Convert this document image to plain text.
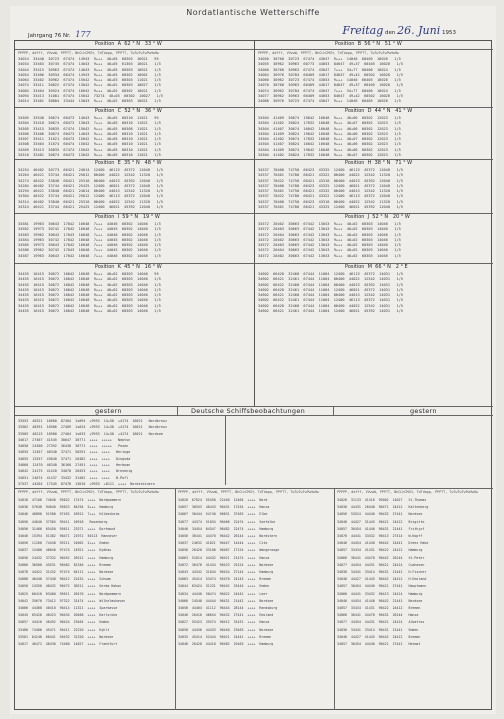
Nordatlantische Wetterschiffe
Jahrgang 76 Nr. 177	Freitag den 26. Juni 1953
Position  A  62 ° N   33 ° W	Position  B  56 ° N   51 ° W
PPPPP, ddfff, VVwwW, PPPTT, NhCLhCMCH, TdTdapp, PPPTT, TwTwTwTwPwHwHw	PPPPP, ddfff, VVwwW, PPPTT, NhCLhCMCH, TdTdapp, PPPTT, TwTwTwTwPwHwHw
34024  33448  30723  67474  14943  9+++  40+05  60303  16021   95
34034  33403  30745  67474  14043  9+++  40+05  61303  16021   1/5
34044  33415  30963  67474  14043  9+++  40+05  60303  16021   1/5
34054  33406  30934  66474  14943  9+++  40+05  60302  16001   1/5
34064  33402  30962  67474  15042  9+++  40+03  60303  11021   1/5
34074  33411  30822  67474  13042  9+++  40+02  60303  10027   1/5
34084  33404  30924  67474  16042  9+++  40+02  60302  10021   1/5
34094  33413  31001  67474  15042  73274  40+03  60302  10027   1/5
34014  33401  30804  33444  13043  9+++  40+02  60303  16021   1/5
34050  30760  30723  67474  43047  9+++  14046  60405  16026   1/5
34055  30962  30963  60773  44053  84647  49+37  60405  16026   1/5
34060  30760  30963  67474  43047  7+++  34+77  60406  16024   1/5
34064  30976  30784  60409  44017  84647  49+42  60502  16026   1/5
34066  30962  30723  67474  43053  9+++  14046  60405  16026   1/5
34070  30760  30963  60409  44017  84647  49+37  60405  16026   1/5
34074  30962  30784  67474  43047  7+++  34+77  60406  16024   1/5
34077  30962  30963  60409  44053  84647  49+42  60502  16026   1/5
34080  30976  30723  67474  43047  9+++  14046  60405  16026   1/5
Position  C  52 ° N   36 ° W	Position  D  44 ° N   41 ° W
34505  33548  30674  60473  14043  9+++  40+05  60310  11021   95
34504  33410  30674  60473  13043  7+++  40+05  60310  11021   1/5
34505  33415  30835  67474  15042  9+++  40+05  60308  11021   1/5
34506  33406  30674  60473  14043  9+++  40+05  60310  11021   1/5
34507  33411  31621  60473  15042  9+++  40+05  60310  11021   1/5
34508  33404  31674  60474  15042  9+++  40+05  60310  11021   1/5
34509  33413  30835  67474  15042  9+++  40+05  60310  11021   1/5
34510  33401  30674  60473  13042  9+++  40+05  60310  11021   1/5
34504  41409  30674  19042  16048  9+++  40+06  60302  12023   1/5
34504  41402  30824  17032  16048  9+++  40+07  60302  12023   1/5
34504  41407  30674  16042  16048  9+++  40+06  60302  12023   1/5
34504  41409  30824  19042  16048  9+++  40+06  60302  12023   1/5
34504  41402  30674  17032  16048  9+++  40+07  60302  12023   1/5
34504  41407  30824  16042  16048  9+++  40+06  60302  12023   1/5
34504  41409  30674  19042  16048  9+++  40+06  60302  12023   1/5
34504  41402  30824  17032  16048  9+++  40+07  60302  12023   1/5
Position  E  35 ° N   48 ° W	Position  H  38 ° N   71 ° W
34254  46402  30773  66421  24014  12400  46113  45372  12040   1/5
34264  46421  33744  66421  25012  06400  44022  12542  11320   1/5
34274  46422  33840  66421  25310  06400  44013  45392  12040   1/5
34284  46402  33744  66421  25425  12400  46021  45372  12040   1/5
34294  46421  33840  66421  24014  06400  44013  12542  11320   1/5
34304  46422  33744  66421  25012  12400  46113  45372  12040   1/5
34314  46402  33840  66421  25310  06400  44022  12542  11320   1/5
34324  46421  33744  66421  25425  12400  46021  45392  12040   1/5
34537  70400  74750  66423  43332  12400  46113  45372  12040   1/5
34537  70401  74780  66421  43322  06400  44022  12542  11320   1/5
34537  70422  74750  66421  43310  06400  44013  45392  12040   1/5
34537  70400  74780  66423  43325  12400  46021  45372  12040   1/5
34537  70401  74750  66421  43332  06400  44013  12542  11320   1/5
34537  70422  74780  66421  43322  12400  46113  45372  12040   1/5
34537  70400  74750  66423  43310  06400  44022  12542  11320   1/5
34537  70401  74780  66421  43325  12400  46021  45392  12040   1/5
Position  I  59 ° N   19 ° W	Position  J  52 ° N   20 ° W
34581  19963  30643  17042  16048  7+++  44046  60302  14046   1/5
34582  19973  30742  17042  16048  7+++  44045  60302  14046   1/5
34583  19962  30643  17043  16048  7+++  44046  60302  14046   1/5
34584  19963  30742  17042  16048  7+++  44045  60302  14046   1/5
34585  19973  30643  17042  16048  7+++  44046  60302  14046   1/5
34586  19962  30742  17043  16048  7+++  44045  60302  14046   1/5
34587  19963  30643  17042  16048  7+++  44046  60302  14046   1/5
34572  20402  30663  67442  13043  9+++  40+02  60303  14046   1/5
34572  20403  30663  67442  13043  9+++  40+02  60303  14046   1/5
34572  20404  30663  67442  13043  9+++  40+02  60303  14046   1/5
34572  20402  30663  67442  13043  9+++  40+02  60303  14046   1/5
34572  20403  30663  67442  13043  9+++  40+02  60303  14046   1/5
34572  20404  30663  67442  13043  9+++  40+02  60303  14046   1/5
34572  20402  30663  67442  13043  9+++  40+02  60303  14046   1/5
Position  K  45 ° N   16 ° W	Position  M  66 ° N   2 ° E
34455  16415  30672  16042  16048  9+++  40+02  60303  14046   95
34455  16415  30672  16042  16048  9+++  40+02  60303  14046   1/5
34455  16415  30672  16042  16048  9+++  40+02  60303  14046   1/5
34455  16415  30672  16042  16048  9+++  40+02  60303  14046   1/5
34455  16415  30672  16042  16048  9+++  40+02  60303  14046   1/5
34455  16415  30672  16042  16048  9+++  40+02  60303  14046   1/5
34455  16415  30672  16042  16048  9+++  40+02  60303  14046   1/5
34455  16415  30672  16042  16048  9+++  40+02  60303  14046   1/5
34602  66420  32460  67444  11064  12400  46113  45372  14031   1/5
34602  66421  32461  67444  11064  06400  44022  12542  14031   1/5
34602  66422  32460  67444  11064  06400  44013  45392  14031   1/5
34602  66420  32461  67444  11064  12400  46021  45372  14031   1/5
34602  66421  32460  67444  11064  06400  44013  12542  14031   1/5
34602  66422  32461  67444  11064  12400  46113  45372  14031   1/5
34602  66420  32460  67444  11064  06400  44022  12542  14031   1/5
34602  66421  32461  67444  11064  12400  46021  45392  14031   1/5
gestern	Deutsche Schiffsbeobachtungen	gestern
33553  46321  16660  87404  1s094  +9953  14+50  +4174  16021   Nordkreuz
33562  48391  16906  27409  1s034  +9953  14+50  +4174  16021   Nordkreuz
33565  46215  16900  27404  1s033  +9953  14+50  +4174  16021   Nordsee
34617  27467  41545  30647  30771  ++++  +++++   Neptun
34650  24300  27392  36430  30771  ++++  +++++   Posen
34655  12457  46340  37471  50291  ++++  ++++   Heringe
34655  12557  43040  37471  26482  ++++  ++++   Dingsda
34660  12470  46340  36160  27491  ++++  ++++   Herboan
34642  24175  41420  34070  26453  ++++  ++++   Drevenig
34651  24074  41437  33432  31402  ++++  ++++   B.Pofl
37537  44264  17345  87476  13016  +9953  +8111  ++++  Nordsteinern
PPPPP, ddfff, VVwwW, PPPTT, NhCLhCMCH, TdTdapp, PPPTT, TwTwTwTwPwHwHw	PPPPP, ddfff, VVwwW, PPPTT, NhCLhCMCH, TdTdapp, PPPTT, TwTwTwTwPwHwHw	PPPPP, ddfff, VVwwW, PPPTT, NhCLhCMCH, TdTdapp, PPPTT, TwTwTwTwPwHwHw
34016  47166  74040  95622  17474  ++++  Nordpommern
34036  57640  94040  95623  84294  5+++  Hamburg
34046  46890  51500  97452  16912  7+++  Hildesheim
34056  44640  37365  95411  16916   Rosenberg
34056  31466  65450  95611  23371  ++++  Dortmund
34046  15394  51302  96471  21972  50113  Hannover
34056  11260  74448  95211  24602  2+++  Emden
34037  15400  46640  97474  14921  ++++  Kydhas
34056  24432  37332  96452  26312  ++++  Hamburg
34066  36500  45531  96482  81346  ++++  Bremen
34076  44422  31432  97474  64111  ++++  Nordsee
34088  46440  37440  96412  22432  ++++  Schwan
34050  24350  46432  96472  30311  ++++  Gerda Hakon
34025  66410  63460  95611  26470  ++++  Nordpommern
34042  35670  73412  97322  31474  ++++  Wilhelmshaven
34066  44460  40410  96414  11321  ++++  Sparkasse
34045  65420  46423  96434  20460  ++++  Karlsruhe
34057  44416  46492  96424  23464  ++++  Emden
33480  74466  45471  56411  22220  ++++  Kyhlt
33501  64240  66441  56432  31320  ++++  Nordsee
34017  46472  46436  74460  14027  ++++  Frankfurt
34026  67024  55450  22440  12464  ++++  Nord
34057  36553  46443  96431  17434  ++++  Hansa
34067  30444  54740  96631  37463  ++++  Elbe
34077  44374  51034  96466  22474  ++++  Seefalke
34046  34454  64347  96482  22474  ++++  Hamburg
34056  36441  44470  96442  26144  ++++  Nordstern
34037  24632  41021  96447  14444  ++++  Cito
34056  26420  33100  96467  17124  ++++  Wangerooge
34063  51014  44432  96421  21474  ++++  Hansa
34072  36476  41434  96423  25124  ++++  Nordsee
34043  44342  31044  96424  27144  ++++  Hamburg
34063  45414  53474  95470  24143  ++++  Bremen
34044  63424  31231  96442  25444  ++++  Emden
34034  44440  50474  96422  24442  ++++  Leer
34066  24540  44444  96431  21442  ++++  Nordsee
34056  44464  41112  96444  28144  ++++  Rendsburg
34046  26410  46644  96432  27441  ++++  Emsland
34027  55423  35574  96412  31431  ++++  Hansa
34058  44456  44433  96440  23463  ++++  Nordsee
34035  45414  52444  96421  24441  ++++  Bremen
34046  26420  44410  96482  25463  ++++  Hamburg
34026  31133  41416  95002  14027   St.Thomas
34036  44431  26440  96471  24412   Kaltenberg
34056  53524  44440  96432  27441   Nordsee
34046  44427  31445  96421  24412   Brigitte
34057  36454  41446  96431  21441   Frithjof
34076  44441  33432  96413  27414   W.Kopff
34046  44454  41440  96442  24441   Drees Hake
34057  33434  41431  96422  24412   Hamburg
34066  36441  44470  96442  26144   St.Peter
34077  44454  44431  96421  24414   Cuxhaven
34036  34441  33414  96431  21441   H.Fischer
34046  44427  41445  96442  24412   H.Emsland
34057  36454  44446  96421  27441   Hauptmann
34066  44441  33432  96413  24414   Hamburg
34046  44454  41440  96442  21441   Nordsee
34057  33434  41431  96422  24412   Bremen
34066  36441  44470  96431  26144   Hansa
34077  44454  44431  96421  24414   Albatros
34036  34441  33414  96431  21441   Emden
34046  44427  41445  96442  24412   Bremen
34057  36454  44446  96421  27441   Heimat
